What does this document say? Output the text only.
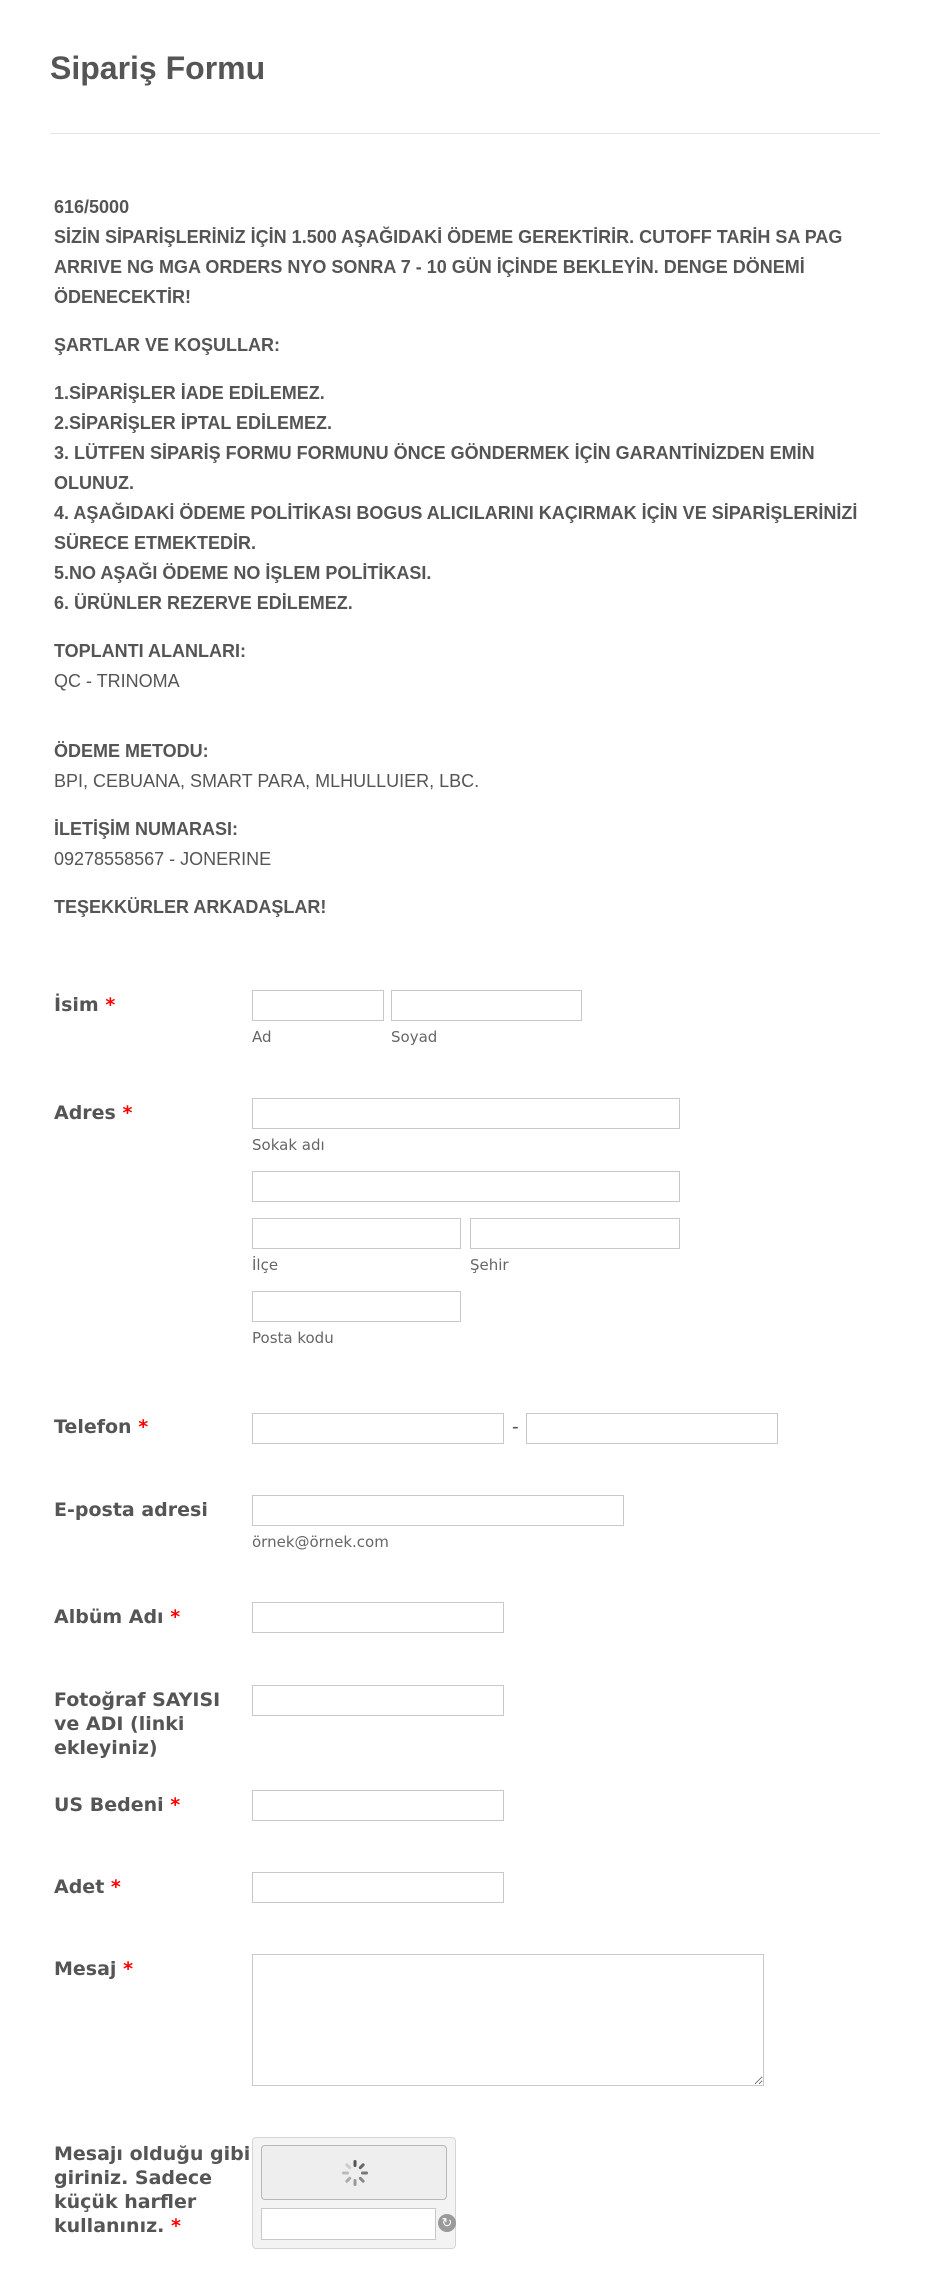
Sipariş Formu

616/5000

SİZİN SİPARİŞLERİNİZ İÇİN 1.500 AŞAĞIDAKİ ÖDEME GEREKTİRİR. CUTOFF TARİH SA PAG ARRIVE NG MGA ORDERS NYO SONRA 7 - 10 GÜN İÇİNDE BEKLEYİN. DENGE DÖNEMİ ÖDENECEKTİR!

ŞARTLAR VE KOŞULLAR:

1.SİPARİŞLER İADE EDİLEMEZ.

2.SİPARİŞLER İPTAL EDİLEMEZ.

3. LÜTFEN SİPARİŞ FORMU FORMUNU ÖNCE GÖNDERMEK İÇİN GARANTİNİZDEN EMİN OLUNUZ.

4. AŞAĞIDAKİ ÖDEME POLİTİKASI BOGUS ALICILARINI KAÇIRMAK İÇİN VE SİPARİŞLERİNİZİ SÜRECE ETMEKTEDİR.

5.NO AŞAĞI ÖDEME NO İŞLEM POLİTİKASI.

6. ÜRÜNLER REZERVE EDİLEMEZ.

TOPLANTI ALANLARI:

QC - TRINOMA

ÖDEME METODU:

BPI, CEBUANA, SMART PARA, MLHULLUIER, LBC.

İLETİŞİM NUMARASI:

09278558567 - JONERINE

TEŞEKKÜRLER ARKADAŞLAR!

İsim *
Ad	Soyad
Adres *
Sokak adı
İlçe	Şehir
Posta kodu
Telefon *	-
E-posta adresi
örnek@örnek.com
Albüm Adı *
Fotoğraf SAYISI
ve ADI (linki
ekleyiniz)
US Bedeni *
Adet *
Mesaj *
Mesajı olduğu gibi
giriniz. Sadece
küçük harfler
kullanınız. *	↻
